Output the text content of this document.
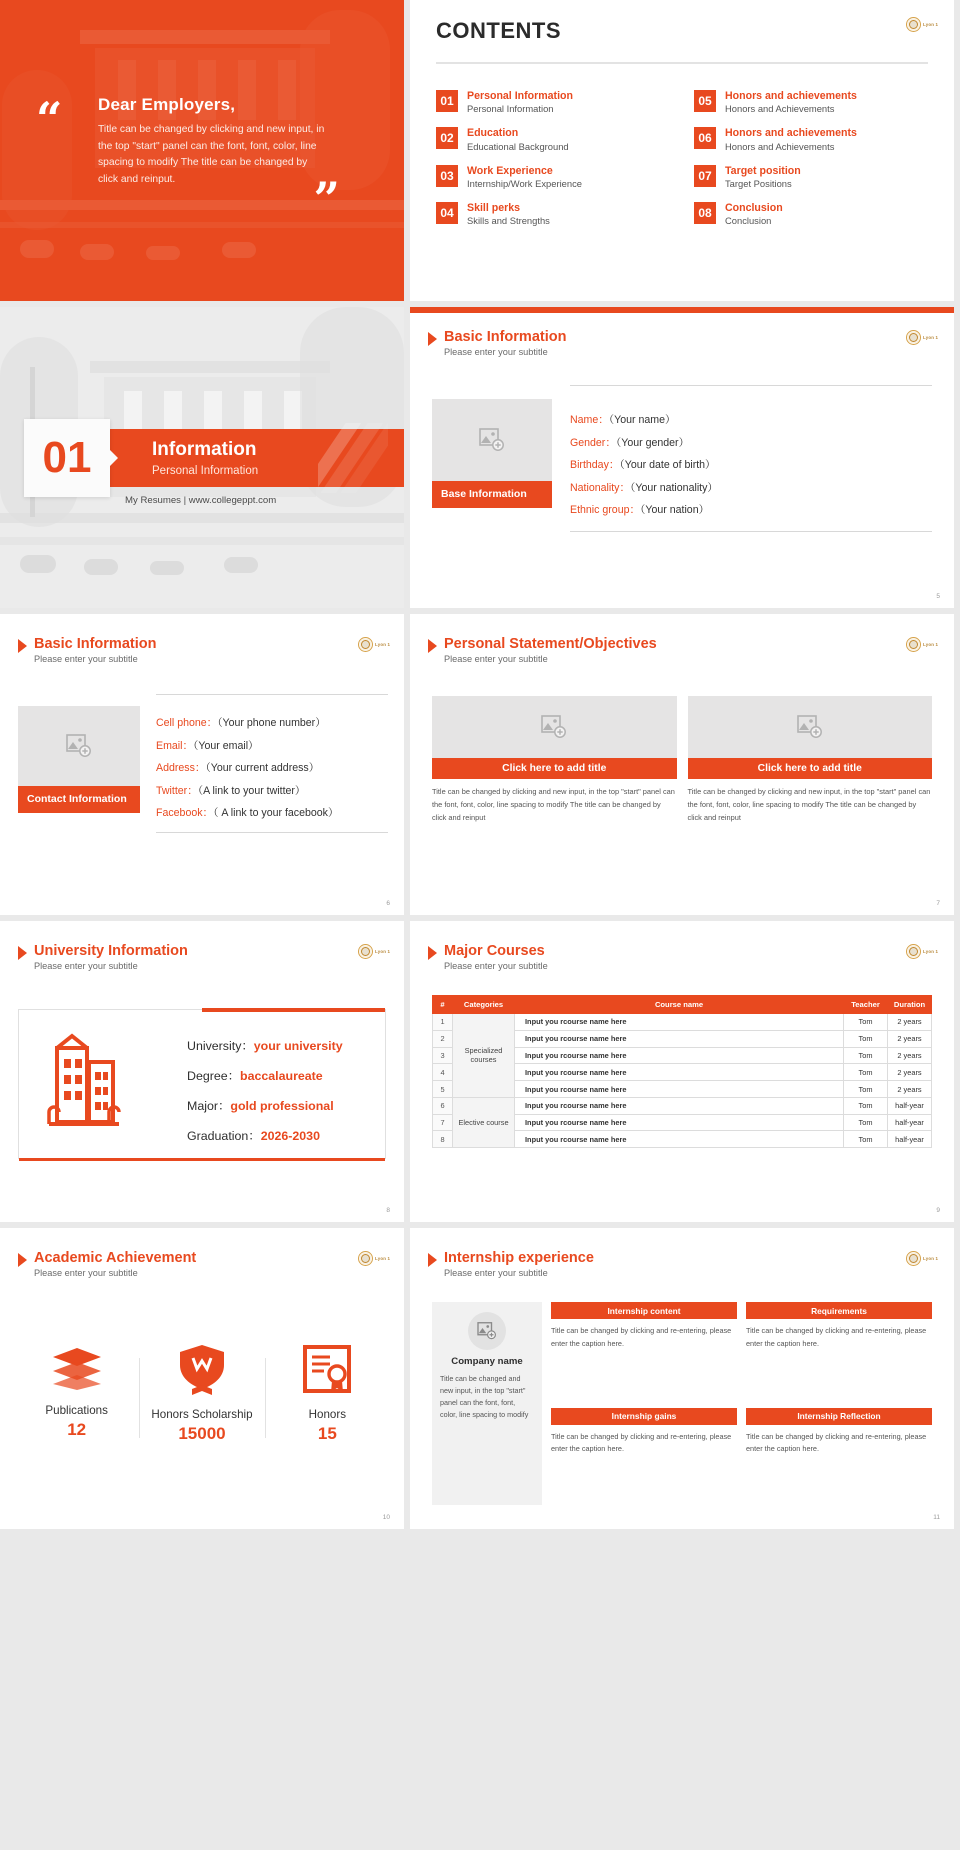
“ Dear Employers,

Title can be changed by clicking and new input, in the top "start" panel can the font, font, color, line spacing to modify The title can be changed by click and reinput.	”
Lyon 1
CONTENTS
01	Personal Information
Personal Information
05	Honors and achievements
Honors and Achievements
02	Education
Educational Background
06	Honors and achievements
Honors and Achievements
03	Work Experience
Internship/Work Experience
07	Target position
Target Positions
04	Skill perks
Skills and Strengths
08	Conclusion
Conclusion
01	Information

Personal Information

My Resumes | www.collegeppt.com
Lyon 1
Basic Information

Please enter your subtitle

Base Information
Name：（Your name）
Gender：（Your gender）
Birthday：（Your date of birth）
Nationality：（Your nationality）
Ethnic group：（Your nation）
5
Lyon 1
Basic Information

Please enter your subtitle

Contact Information
Cell phone：（Your phone number）
Email：（Your email）
Address：（Your current address）
Twitter：（A link to your twitter）
Facebook：（ A link to your facebook）
6
Lyon 1
Personal Statement/Objectives

Please enter your subtitle

Click here to add title
Title can be changed by clicking and new input, in the top "start" panel can the font, font, color, line spacing to modify The title can be changed by click and reinput
Click here to add title
Title can be changed by clicking and new input, in the top "start" panel can the font, font, color, line spacing to modify The title can be changed by click and reinput
7
Lyon 1
University Information

Please enter your subtitle

University：your university
Degree：baccalaureate
Major：gold professional
Graduation：2026-2030
8
Lyon 1
Major Courses

Please enter your subtitle

#	Categories	Course name	Teacher	Duration
1	Specialized courses	Input you rcourse name here	Tom	2 years
2		Input you rcourse name here	Tom	2 years
3		Input you rcourse name here	Tom	2 years
4		Input you rcourse name here	Tom	2 years
5		Input you rcourse name here	Tom	2 years
6	Elective course	Input you rcourse name here	Tom	half-year
7		Input you rcourse name here	Tom	half-year
8		Input you rcourse name here	Tom	half-year
9
Lyon 1
Academic Achievement

Please enter your subtitle

Publications
12
Honors Scholarship
15000
Honors
15
10
Lyon 1
Internship experience

Please enter your subtitle

Company name
Title can be changed and new input, in the top "start" panel can the font, font, color, line spacing to modify
Internship content
Title can be changed by clicking and re-entering, please enter the caption here.
Requirements
Title can be changed by clicking and re-entering, please enter the caption here.
Internship gains
Title can be changed by clicking and re-entering, please enter the caption here.
Internship Reflection
Title can be changed by clicking and re-entering, please enter the caption here.
11
